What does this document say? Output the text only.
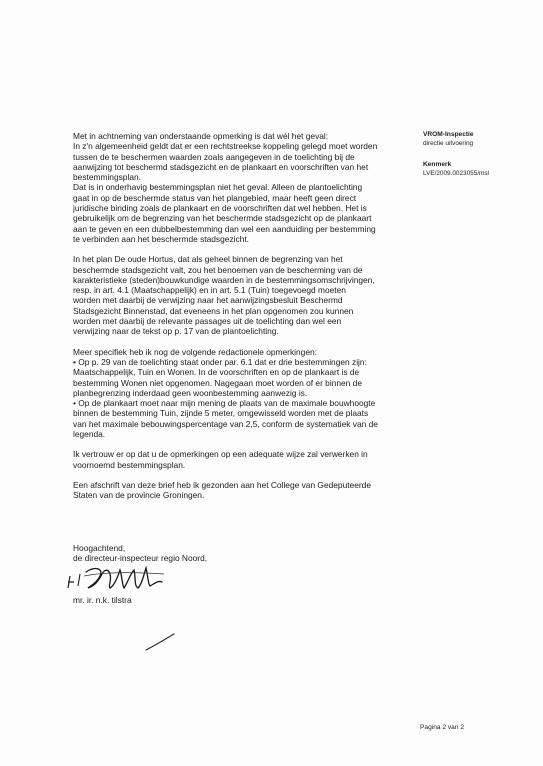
Met in achtneming van onderstaande opmerking is dat wél het geval:
In z'n algemeenheid geldt dat er een rechtstreekse koppeling gelegd moet worden
tussen de te beschermen waarden zoals aangegeven in de toelichting bij de
aanwijzing tot beschermd stadsgezicht en de plankaart en voorschriften van het
bestemmingsplan.
Dat is in onderhavig bestemmingsplan niet het geval. Alleen de plantoelichting
gaat in op de beschermde status van het plangebied, maar heeft geen direct
juridische binding zoals de plankaart en de voorschriften dat wel hebben. Het is
gebruikelijk om de begrenzing van het beschermde stadsgezicht op de plankaart
aan te geven en een dubbelbestemming dan wel een aanduiding per bestemming
te verbinden aan het beschermde stadsgezicht.

In het plan De oude Hortus, dat als geheel binnen de begrenzing van het
beschermde stadsgezicht valt, zou het benoemen van de bescherming van de
karakteristieke (steden)bouwkundige waarden in de bestemmingsomschrijvingen,
resp. in art. 4.1 (Maatschappelijk) en in art. 5.1 (Tuin) toegevoegd moeten
worden met daarbij de verwijzing naar het aanwijzingsbesluit Beschermd
Stadsgezicht Binnenstad, dat eveneens in het plan opgenomen zou kunnen
worden met daarbij de relevante passages uit de toelichting dan wel een
verwijzing naar de tekst op p. 17 van de plantoelichting.

Meer specifiek heb ik nog de volgende redactionele opmerkingen:
• Op p. 29 van de toelichting staat onder par. 6.1 dat er drie bestemmingen zijn:
Maatschappelijk, Tuin en Wonen. In de voorschriften en op de plankaart is de
bestemming Wonen niet opgenomen. Nagegaan moet worden of er binnen de
planbegrenzing inderdaad geen woonbestemming aanwezig is.
• Op de plankaart moet naar mijn mening de plaats van de maximale bouwhoogte
binnen de bestemming Tuin, zijnde 5 meter, omgewisseld worden met de plaats
van het maximale bebouwingspercentage van 2,5, conform de systematiek van de
legenda.

Ik vertrouw er op dat u de opmerkingen op een adequate wijze zal verwerken in
voornoemd bestemmingsplan.

Een afschrift van deze brief heb ik gezonden aan het College van Gedeputeerde
Staten van de provincie Groningen.

VROM-Inspectie
directie uitvoering
Kenmerk
LVE/2009.0023055/msl
Hoogachtend,
de directeur-inspecteur regio Noord,
mr. ir. n.k. tilstra
Pagina 2 van 2
